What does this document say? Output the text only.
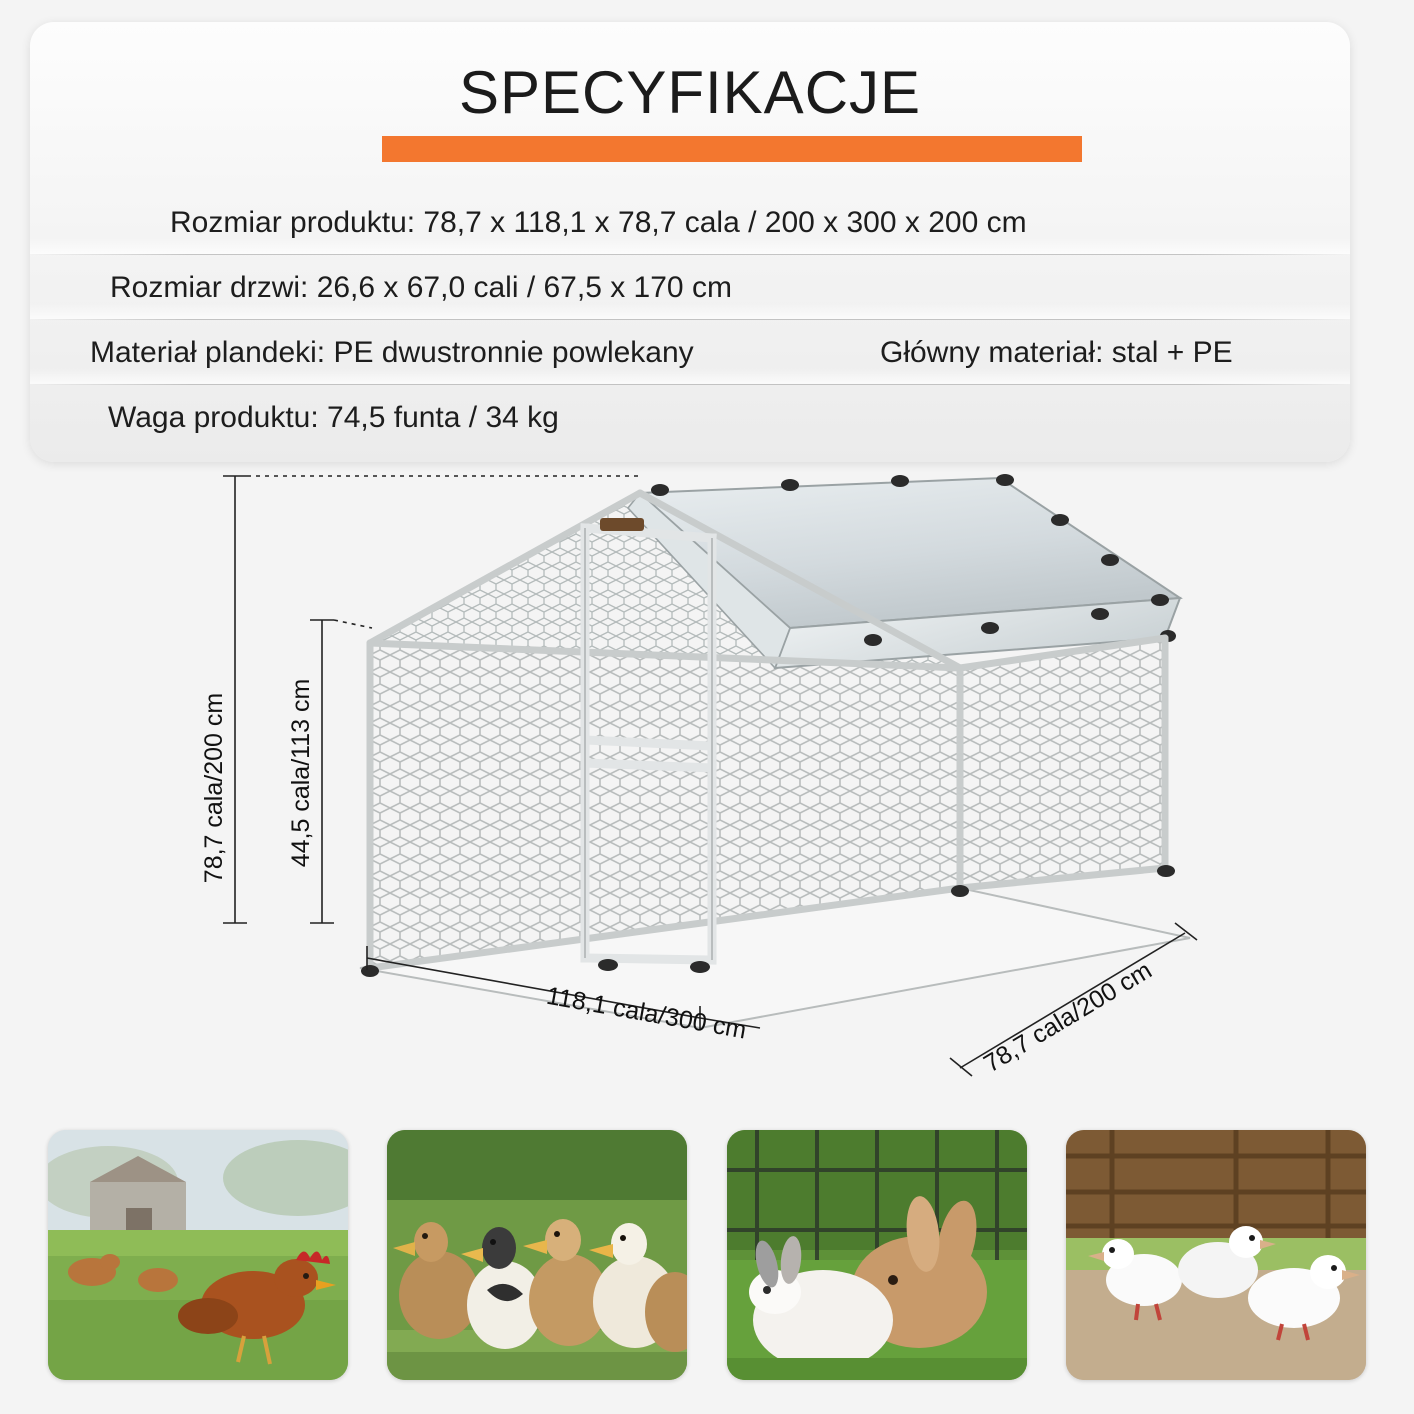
SPECYFIKACJE
Rozmiar produktu: 78,7 x 118,1 x 78,7 cala / 200 x 300 x 200 cm
Rozmiar drzwi: 26,6 x 67,0 cali / 67,5 x 170 cm
Materiał plandeki: PE dwustronnie powlekany	Główny materiał: stal + PE
Waga produktu: 74,5 funta / 34 kg
78,7 cala/200 cm 44,5 cala/113 cm
118,1 cala/300 cm	78,7 cala/200 cm
